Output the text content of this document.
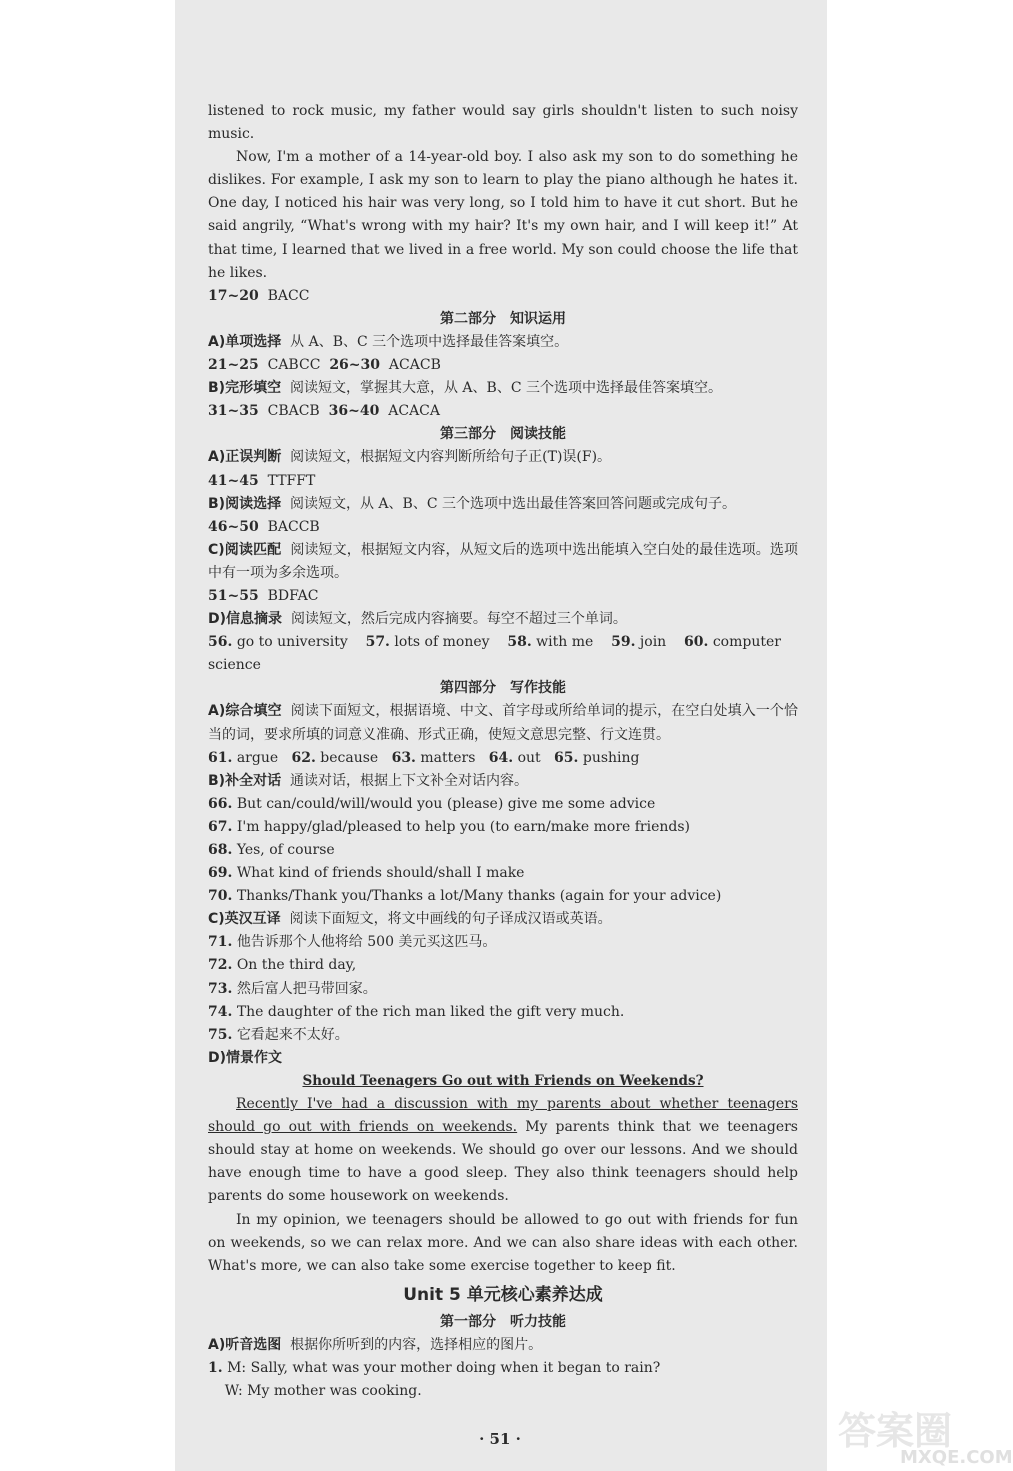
listened to rock music, my father would say girls shouldn't listen to such noisy music.

Now, I'm a mother of a 14-year-old boy. I also ask my son to do something he dislikes. For example, I ask my son to learn to play the piano although he hates it. One day, I noticed his hair was very long, so I told him to have it cut short. But he said angrily, “What's wrong with my hair? It's my own hair, and I will keep it!” At that time, I learned that we lived in a free world. My son could choose the life that he likes.

17~20 BACC

第二部分　知识运用

A)单项选择 从 A、B、C 三个选项中选择最佳答案填空。

21~25 CABCC 26~30 ACACB

B)完形填空 阅读短文，掌握其大意，从 A、B、C 三个选项中选择最佳答案填空。

31~35 CBACB 36~40 ACACA

第三部分　阅读技能

A)正误判断 阅读短文，根据短文内容判断所给句子正(T)误(F)。

41~45 TTFFT

B)阅读选择 阅读短文，从 A、B、C 三个选项中选出最佳答案回答问题或完成句子。

46~50 BACCB

C)阅读匹配 阅读短文，根据短文内容，从短文后的选项中选出能填入空白处的最佳选项。选项中有一项为多余选项。

51~55 BDFAC

D)信息摘录 阅读短文，然后完成内容摘要。每空不超过三个单词。

56. go to university 57. lots of money 58. with me 59. join 60. computer science

第四部分　写作技能

A)综合填空 阅读下面短文，根据语境、中文、首字母或所给单词的提示，在空白处填入一个恰当的词，要求所填的词意义准确、形式正确，使短文意思完整、行文连贯。

61. argue 62. because 63. matters 64. out 65. pushing

B)补全对话 通读对话，根据上下文补全对话内容。

66. But can/could/will/would you (please) give me some advice

67. I'm happy/glad/pleased to help you (to earn/make more friends)

68. Yes, of course

69. What kind of friends should/shall I make

70. Thanks/Thank you/Thanks a lot/Many thanks (again for your advice)

C)英汉互译 阅读下面短文，将文中画线的句子译成汉语或英语。

71. 他告诉那个人他将给 500 美元买这匹马。

72. On the third day,

73. 然后富人把马带回家。

74. The daughter of the rich man liked the gift very much.

75. 它看起来不太好。

D)情景作文

Should Teenagers Go out with Friends on Weekends?

Recently I've had a discussion with my parents about whether teenagers should go out with friends on weekends. My parents think that we teenagers should stay at home on weekends. We should go over our lessons. And we should have enough time to have a good sleep. They also think teenagers should help parents do some housework on weekends.

In my opinion, we teenagers should be allowed to go out with friends for fun on weekends, so we can relax more. And we can also share ideas with each other. What's more, we can also take some exercise together to keep fit.

Unit 5 单元核心素养达成

第一部分　听力技能

A)听音选图 根据你所听到的内容，选择相应的图片。

1. M: Sally, what was your mother doing when it began to rain?

W: My mother was cooking.

· 51 ·	答案圈
MXQE.COM
